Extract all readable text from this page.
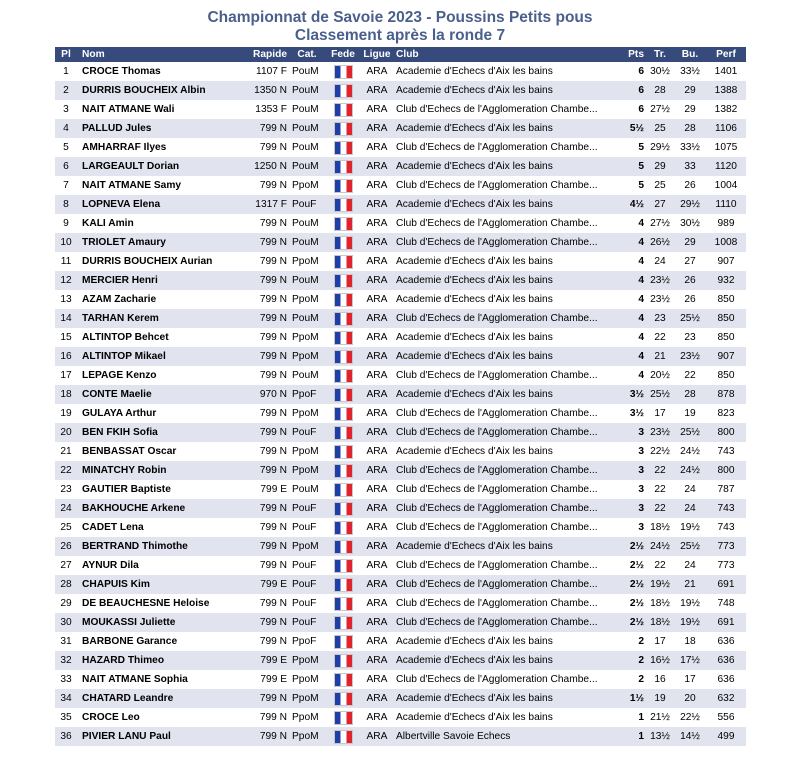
Championnat de Savoie 2023 - Poussins Petits pous
Classement après la ronde 7
Pl	Nom	Rapide	Cat.	Fede	Ligue	Club	Pts	Tr.	Bu.	Perf
1	CROCE Thomas	1107 F	PouM		ARA	Academie d'Echecs d'Aix les bains	6	30½	33½	1401
2	DURRIS BOUCHEIX Albin	1350 N	PouM		ARA	Academie d'Echecs d'Aix les bains	6	28	29	1388
3	NAIT ATMANE Wali	1353 F	PouM		ARA	Club d'Echecs de l'Agglomeration Chambe...	6	27½	29	1382
4	PALLUD Jules	799 N	PouM		ARA	Academie d'Echecs d'Aix les bains	5½	25	28	1106
5	AMHARRAF Ilyes	799 N	PouM		ARA	Club d'Echecs de l'Agglomeration Chambe...	5	29½	33½	1075
6	LARGEAULT Dorian	1250 N	PouM		ARA	Academie d'Echecs d'Aix les bains	5	29	33	1120
7	NAIT ATMANE Samy	799 N	PpoM		ARA	Club d'Echecs de l'Agglomeration Chambe...	5	25	26	1004
8	LOPNEVA Elena	1317 F	PouF		ARA	Academie d'Echecs d'Aix les bains	4½	27	29½	1110
9	KALI Amin	799 N	PouM		ARA	Club d'Echecs de l'Agglomeration Chambe...	4	27½	30½	989
10	TRIOLET Amaury	799 N	PouM		ARA	Club d'Echecs de l'Agglomeration Chambe...	4	26½	29	1008
11	DURRIS BOUCHEIX Aurian	799 N	PpoM		ARA	Academie d'Echecs d'Aix les bains	4	24	27	907
12	MERCIER Henri	799 N	PouM		ARA	Academie d'Echecs d'Aix les bains	4	23½	26	932
13	AZAM Zacharie	799 N	PpoM		ARA	Academie d'Echecs d'Aix les bains	4	23½	26	850
14	TARHAN Kerem	799 N	PouM		ARA	Club d'Echecs de l'Agglomeration Chambe...	4	23	25½	850
15	ALTINTOP Behcet	799 N	PpoM		ARA	Academie d'Echecs d'Aix les bains	4	22	23	850
16	ALTINTOP Mikael	799 N	PpoM		ARA	Academie d'Echecs d'Aix les bains	4	21	23½	907
17	LEPAGE Kenzo	799 N	PouM		ARA	Club d'Echecs de l'Agglomeration Chambe...	4	20½	22	850
18	CONTE Maelie	970 N	PpoF		ARA	Academie d'Echecs d'Aix les bains	3½	25½	28	878
19	GULAYA Arthur	799 N	PpoM		ARA	Club d'Echecs de l'Agglomeration Chambe...	3½	17	19	823
20	BEN FKIH Sofia	799 N	PouF		ARA	Club d'Echecs de l'Agglomeration Chambe...	3	23½	25½	800
21	BENBASSAT Oscar	799 N	PpoM		ARA	Academie d'Echecs d'Aix les bains	3	22½	24½	743
22	MINATCHY Robin	799 N	PpoM		ARA	Club d'Echecs de l'Agglomeration Chambe...	3	22	24½	800
23	GAUTIER Baptiste	799 E	PouM		ARA	Club d'Echecs de l'Agglomeration Chambe...	3	22	24	787
24	BAKHOUCHE Arkene	799 N	PouF		ARA	Club d'Echecs de l'Agglomeration Chambe...	3	22	24	743
25	CADET Lena	799 N	PouF		ARA	Club d'Echecs de l'Agglomeration Chambe...	3	18½	19½	743
26	BERTRAND Thimothe	799 N	PpoM		ARA	Academie d'Echecs d'Aix les bains	2½	24½	25½	773
27	AYNUR Dila	799 N	PouF		ARA	Club d'Echecs de l'Agglomeration Chambe...	2½	22	24	773
28	CHAPUIS Kim	799 E	PouF		ARA	Club d'Echecs de l'Agglomeration Chambe...	2½	19½	21	691
29	DE BEAUCHESNE Heloise	799 N	PouF		ARA	Club d'Echecs de l'Agglomeration Chambe...	2½	18½	19½	748
30	MOUKASSI Juliette	799 N	PouF		ARA	Club d'Echecs de l'Agglomeration Chambe...	2½	18½	19½	691
31	BARBONE Garance	799 N	PpoF		ARA	Academie d'Echecs d'Aix les bains	2	17	18	636
32	HAZARD Thimeo	799 E	PpoM		ARA	Academie d'Echecs d'Aix les bains	2	16½	17½	636
33	NAIT ATMANE Sophia	799 E	PpoM		ARA	Club d'Echecs de l'Agglomeration Chambe...	2	16	17	636
34	CHATARD Leandre	799 N	PpoM		ARA	Academie d'Echecs d'Aix les bains	1½	19	20	632
35	CROCE Leo	799 N	PpoM		ARA	Academie d'Echecs d'Aix les bains	1	21½	22½	556
36	PIVIER LANU Paul	799 N	PpoM		ARA	Albertville Savoie Echecs	1	13½	14½	499
